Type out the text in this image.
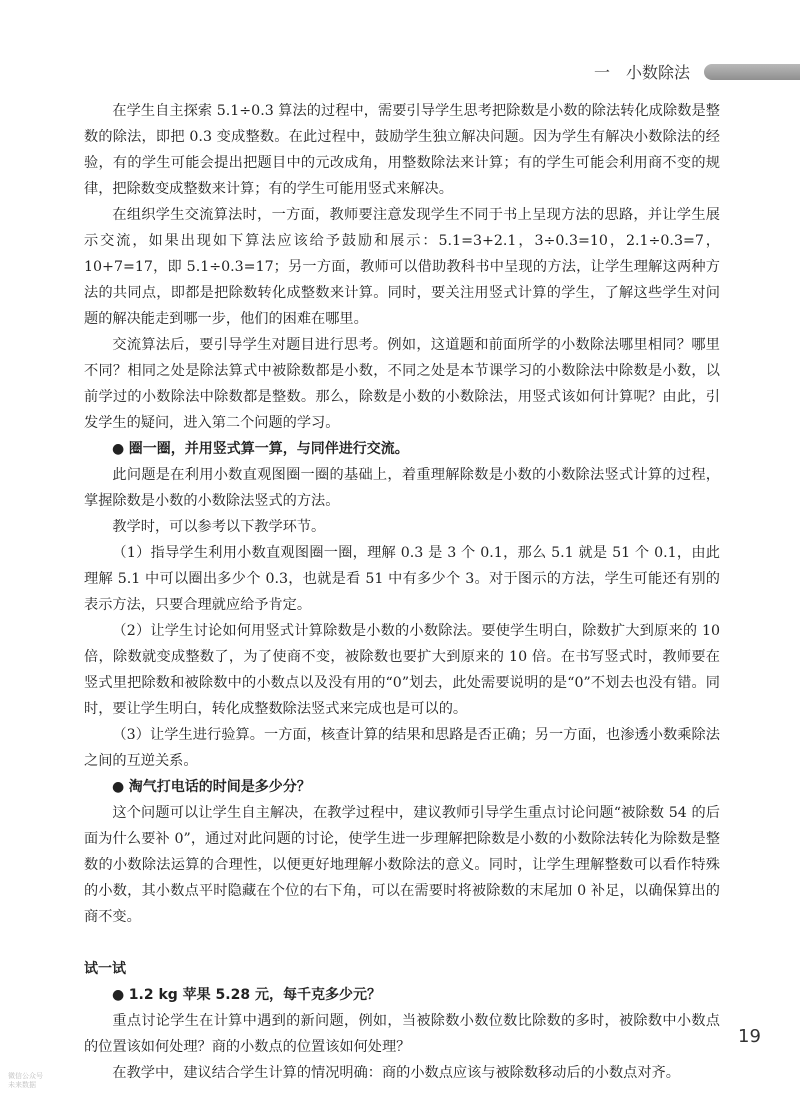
一　小数除法

在学生自主探索 5.1÷0.3 算法的过程中，需要引导学生思考把除数是小数的除法转化成除数是整数的除法，即把 0.3 变成整数。在此过程中，鼓励学生独立解决问题。因为学生有解决小数除法的经验，有的学生可能会提出把题目中的元改成角，用整数除法来计算；有的学生可能会利用商不变的规律，把除数变成整数来计算；有的学生可能用竖式来解决。

在组织学生交流算法时，一方面，教师要注意发现学生不同于书上呈现方法的思路，并让学生展示交流，如果出现如下算法应该给予鼓励和展示：5.1=3+2.1，3÷0.3=10，2.1÷0.3=7，10+7=17，即 5.1÷0.3=17；另一方面，教师可以借助教科书中呈现的方法，让学生理解这两种方法的共同点，即都是把除数转化成整数来计算。同时，要关注用竖式计算的学生，了解这些学生对问题的解决能走到哪一步，他们的困难在哪里。

交流算法后，要引导学生对题目进行思考。例如，这道题和前面所学的小数除法哪里相同？哪里不同？相同之处是除法算式中被除数都是小数，不同之处是本节课学习的小数除法中除数是小数，以前学过的小数除法中除数都是整数。那么，除数是小数的小数除法，用竖式该如何计算呢？由此，引发学生的疑问，进入第二个问题的学习。

● 圈一圈，并用竖式算一算，与同伴进行交流。

此问题是在利用小数直观图圈一圈的基础上，着重理解除数是小数的小数除法竖式计算的过程，掌握除数是小数的小数除法竖式的方法。

教学时，可以参考以下教学环节。

（1）指导学生利用小数直观图圈一圈，理解 0.3 是 3 个 0.1，那么 5.1 就是 51 个 0.1，由此理解 5.1 中可以圈出多少个 0.3，也就是看 51 中有多少个 3。对于图示的方法，学生可能还有别的表示方法，只要合理就应给予肯定。

（2）让学生讨论如何用竖式计算除数是小数的小数除法。要使学生明白，除数扩大到原来的 10 倍，除数就变成整数了，为了使商不变，被除数也要扩大到原来的 10 倍。在书写竖式时，教师要在竖式里把除数和被除数中的小数点以及没有用的“0”划去，此处需要说明的是“0”不划去也没有错。同时，要让学生明白，转化成整数除法竖式来完成也是可以的。

（3）让学生进行验算。一方面，核查计算的结果和思路是否正确；另一方面，也渗透小数乘除法之间的互逆关系。

● 淘气打电话的时间是多少分？

这个问题可以让学生自主解决，在教学过程中，建议教师引导学生重点讨论问题“被除数 54 的后面为什么要补 0”，通过对此问题的讨论，使学生进一步理解把除数是小数的小数除法转化为除数是整数的小数除法运算的合理性，以便更好地理解小数除法的意义。同时，让学生理解整数可以看作特殊的小数，其小数点平时隐藏在个位的右下角，可以在需要时将被除数的末尾加 0 补足，以确保算出的商不变。

试一试

● 1.2 kg 苹果 5.28 元，每千克多少元？

重点讨论学生在计算中遇到的新问题，例如，当被除数小数位数比除数的多时，被除数中小数点的位置该如何处理？商的小数点的位置该如何处理？

在教学中，建议结合学生计算的情况明确：商的小数点应该与被除数移动后的小数点对齐。

19
微信公众号
未来数据
